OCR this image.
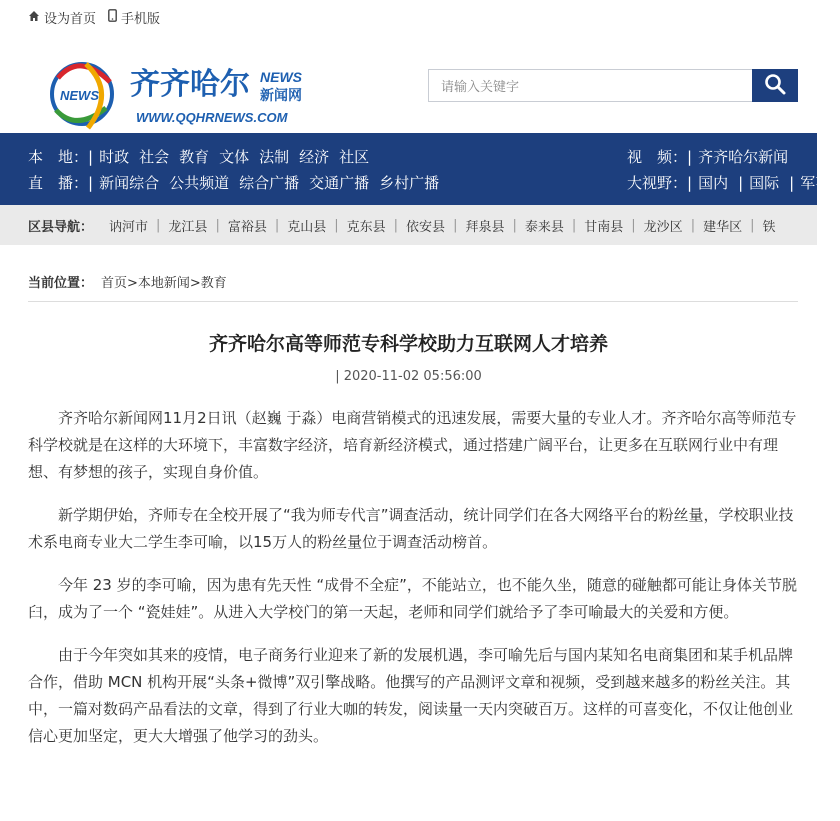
设为首页 手机版
NEWS 齐齐哈尔 NEWS
新闻网
WWW.QQHRNEWS.COM
请输入关键字
本　地： | 时政 社会 教育 文体 法制 经济 社区
直　播： | 新闻综合 公共频道 综合广播 交通广播 乡村广播
视　频： | 齐齐哈尔新闻
大视野： | 国内 | 国际 | 军事
区县导航： 讷河市 | 龙江县 | 富裕县 | 克山县 | 克东县 | 依安县 | 拜泉县 | 泰来县 | 甘南县 | 龙沙区 | 建华区 | 铁
当前位置： 首页>本地新闻>教育
齐齐哈尔高等师范专科学校助力互联网人才培养
| 2020-11-02 05:56:00

齐齐哈尔新闻网11月2日讯（赵巍 于淼）电商营销模式的迅速发展，需要大量的专业人才。齐齐哈尔高等师范专科学校就是在这样的大环境下，丰富数字经济，培育新经济模式，通过搭建广阔平台，让更多在互联网行业中有理想、有梦想的孩子，实现自身价值。

新学期伊始，齐师专在全校开展了“我为师专代言”调查活动，统计同学们在各大网络平台的粉丝量，学校职业技术系电商专业大二学生李可喻，以15万人的粉丝量位于调查活动榜首。

今年 23 岁的李可喻，因为患有先天性 “成骨不全症”，不能站立，也不能久坐，随意的碰触都可能让身体关节脱臼，成为了一个 “瓷娃娃”。从进入大学校门的第一天起，老师和同学们就给予了李可喻最大的关爱和方便。

由于今年突如其来的疫情，电子商务行业迎来了新的发展机遇，李可喻先后与国内某知名电商集团和某手机品牌合作，借助 MCN 机构开展“头条+微博”双引擎战略。他撰写的产品测评文章和视频，受到越来越多的粉丝关注。其中，一篇对数码产品看法的文章，得到了行业大咖的转发，阅读量一天内突破百万。这样的可喜变化，不仅让他创业信心更加坚定，更大大增强了他学习的劲头。
